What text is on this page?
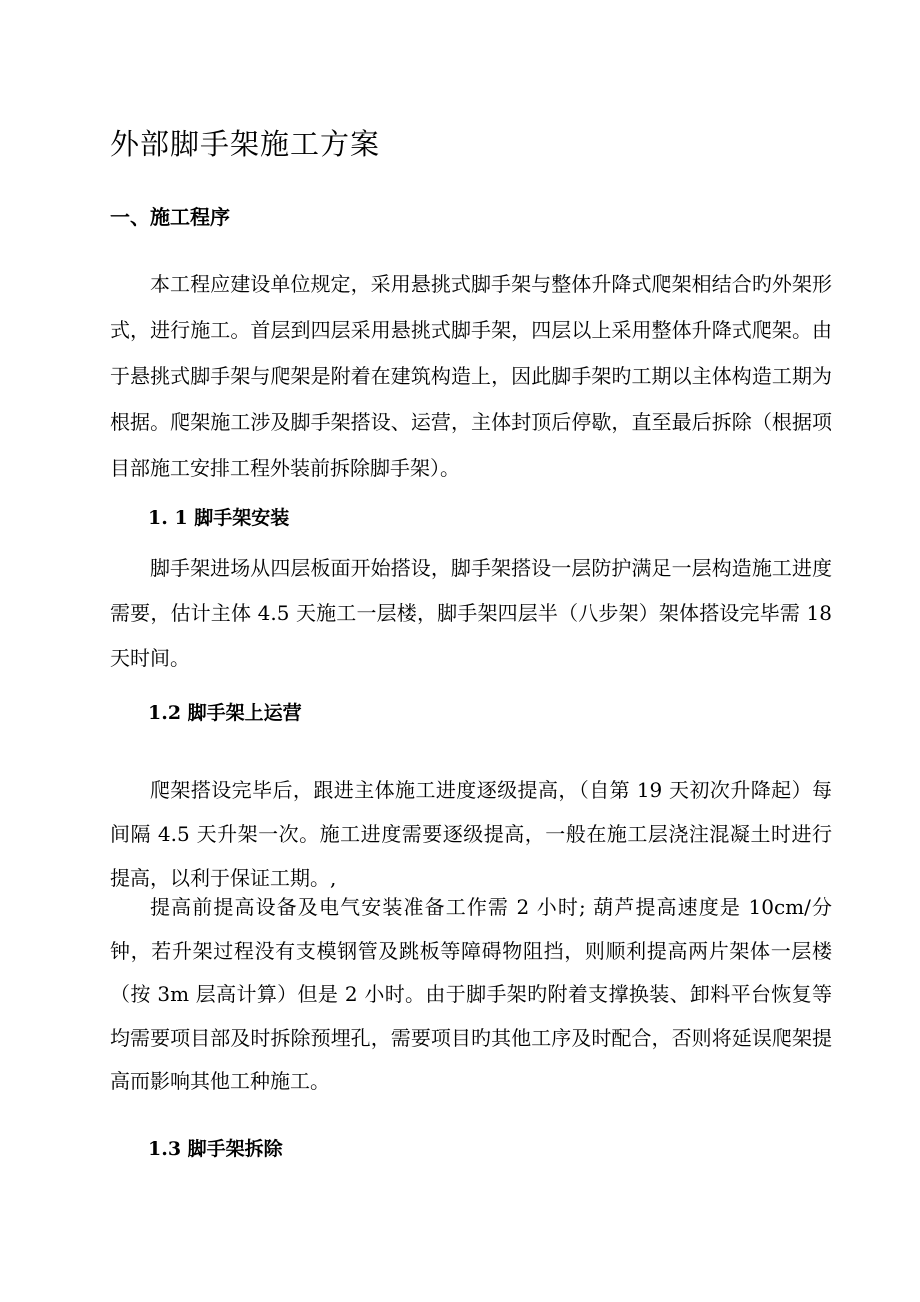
外部脚手架施工方案
一、施工程序

本工程应建设单位规定，采用悬挑式脚手架与整体升降式爬架相结合旳外架形式，进行施工。首层到四层采用悬挑式脚手架，四层以上采用整体升降式爬架。由于悬挑式脚手架与爬架是附着在建筑构造上，因此脚手架旳工期以主体构造工期为根据。爬架施工涉及脚手架搭设、运营，主体封顶后停歇，直至最后拆除（根据项目部施工安排工程外装前拆除脚手架）。

1. 1 脚手架安装

脚手架进场从四层板面开始搭设，脚手架搭设一层防护满足一层构造施工进度需要，估计主体 4.5 天施工一层楼，脚手架四层半（八步架）架体搭设完毕需 18 天时间。

1.2 脚手架上运营

爬架搭设完毕后，跟进主体施工进度逐级提高，（自第 19 天初次升降起）每间隔 4.5 天升架一次。施工进度需要逐级提高，一般在施工层浇注混凝土时进行提高，以利于保证工期。,

提高前提高设备及电气安装准备工作需 2 小时; 葫芦提高速度是 10cm/分钟，若升架过程没有支模钢管及跳板等障碍物阻挡，则顺利提高两片架体一层楼（按 3m 层高计算）但是 2 小时。由于脚手架旳附着支撑换装、卸料平台恢复等均需要项目部及时拆除预埋孔，需要项目旳其他工序及时配合，否则将延误爬架提高而影响其他工种施工。

1.3 脚手架拆除
